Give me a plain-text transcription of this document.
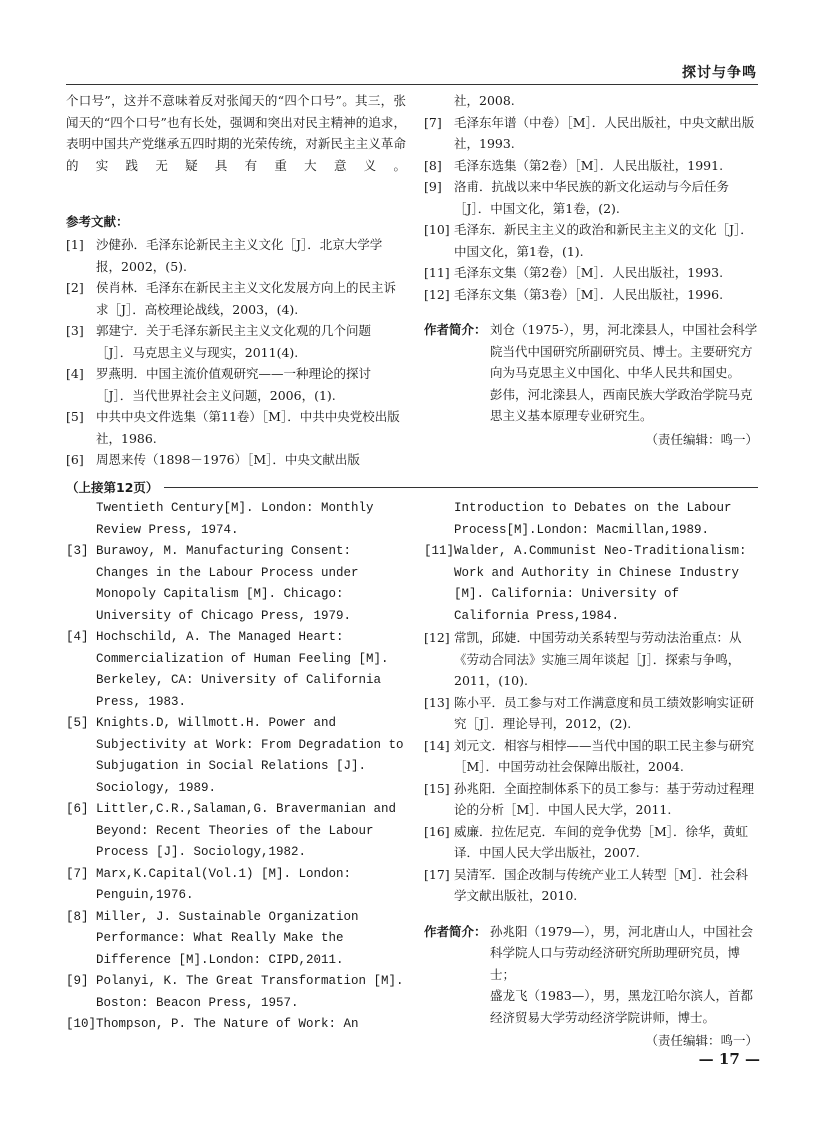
探讨与争鸣

个口号”，这并不意味着反对张闻天的“四个口号”。其三，张闻天的“四个口号”也有长处，强调和突出对民主精神的追求，表明中国共产党继承五四时期的光荣传统，对新民主主义革命的实践无疑具有重大意义。

参考文献：
[1] 沙健孙．毛泽东论新民主主义文化［J］．北京大学学报，2002，(5).
[2] 侯肖林．毛泽东在新民主主义文化发展方向上的民主诉求［J］．高校理论战线，2003，(4).
[3] 郭建宁．关于毛泽东新民主主义文化观的几个问题［J］．马克思主义与现实，2011(4).
[4] 罗燕明．中国主流价值观研究——一种理论的探讨［J］．当代世界社会主义问题，2006，(1).
[5] 中共中央文件选集（第11卷）［M］．中共中央党校出版社，1986.
[6] 周恩来传（1898－1976）［M］．中央文献出版
社，2008.
[7] 毛泽东年谱（中卷）［M］．人民出版社，中央文献出版社，1993.
[8] 毛泽东选集（第2卷）［M］．人民出版社，1991.
[9] 洛甫．抗战以来中华民族的新文化运动与今后任务［J］．中国文化，第1卷，(2).
[10] 毛泽东．新民主主义的政治和新民主主义的文化［J］．中国文化，第1卷，(1).
[11] 毛泽东文集（第2卷）［M］．人民出版社，1993.
[12] 毛泽东文集（第3卷）［M］．人民出版社，1996.
作者简介： 刘仓（1975-），男，河北滦县人，中国社会科学院当代中国研究所副研究员、博士。主要研究方向为马克思主义中国化、中华人民共和国史。

彭伟，河北滦县人，西南民族大学政治学院马克思主义基本原理专业研究生。

（责任编辑：鸣一）
（上接第12页）
Twentieth Century[M]. London: Monthly Review Press, 1974.
[3] Burawoy, M. Manufacturing Consent: Changes in the Labour Process under Monopoly Capitalism [M]. Chicago: University of Chicago Press, 1979.
[4] Hochschild, A. The Managed Heart: Commercialization of Human Feeling [M]. Berkeley, CA: University of California Press, 1983.
[5] Knights.D, Willmott.H. Power and Subjectivity at Work: From Degradation to Subjugation in Social Relations [J]. Sociology, 1989.
[6] Littler,C.R.,Salaman,G. Bravermanian and Beyond: Recent Theories of the Labour Process [J]. Sociology,1982.
[7] Marx,K.Capital(Vol.1) [M]. London: Penguin,1976.
[8] Miller, J. Sustainable Organization Performance: What Really Make the Difference [M].London: CIPD,2011.
[9] Polanyi, K. The Great Transformation [M]. Boston: Beacon Press, 1957.
[10] Thompson, P. The Nature of Work: An
Introduction to Debates on the Labour Process[M].London: Macmillan,1989.
[11] Walder, A.Communist Neo-Traditionalism: Work and Authority in Chinese Industry [M]. California: University of California Press,1984.
[12] 常凯，邱婕．中国劳动关系转型与劳动法治重点：从《劳动合同法》实施三周年谈起［J］．探索与争鸣，2011，(10).
[13] 陈小平．员工参与对工作满意度和员工绩效影响实证研究［J］．理论导刊，2012，(2).
[14] 刘元文．相容与相悖——当代中国的职工民主参与研究［M］．中国劳动社会保障出版社，2004.
[15] 孙兆阳．全面控制体系下的员工参与：基于劳动过程理论的分析［M］．中国人民大学，2011.
[16] 威廉．拉佐尼克．车间的竞争优势［M］．徐华，黄虹译．中国人民大学出版社，2007.
[17] 吴清军．国企改制与传统产业工人转型［M］．社会科学文献出版社，2010.
作者简介： 孙兆阳（1979—），男，河北唐山人，中国社会科学院人口与劳动经济研究所助理研究员，博士；

盛龙飞（1983—），男，黑龙江哈尔滨人，首都经济贸易大学劳动经济学院讲师，博士。

（责任编辑：鸣一）
— 17 —
